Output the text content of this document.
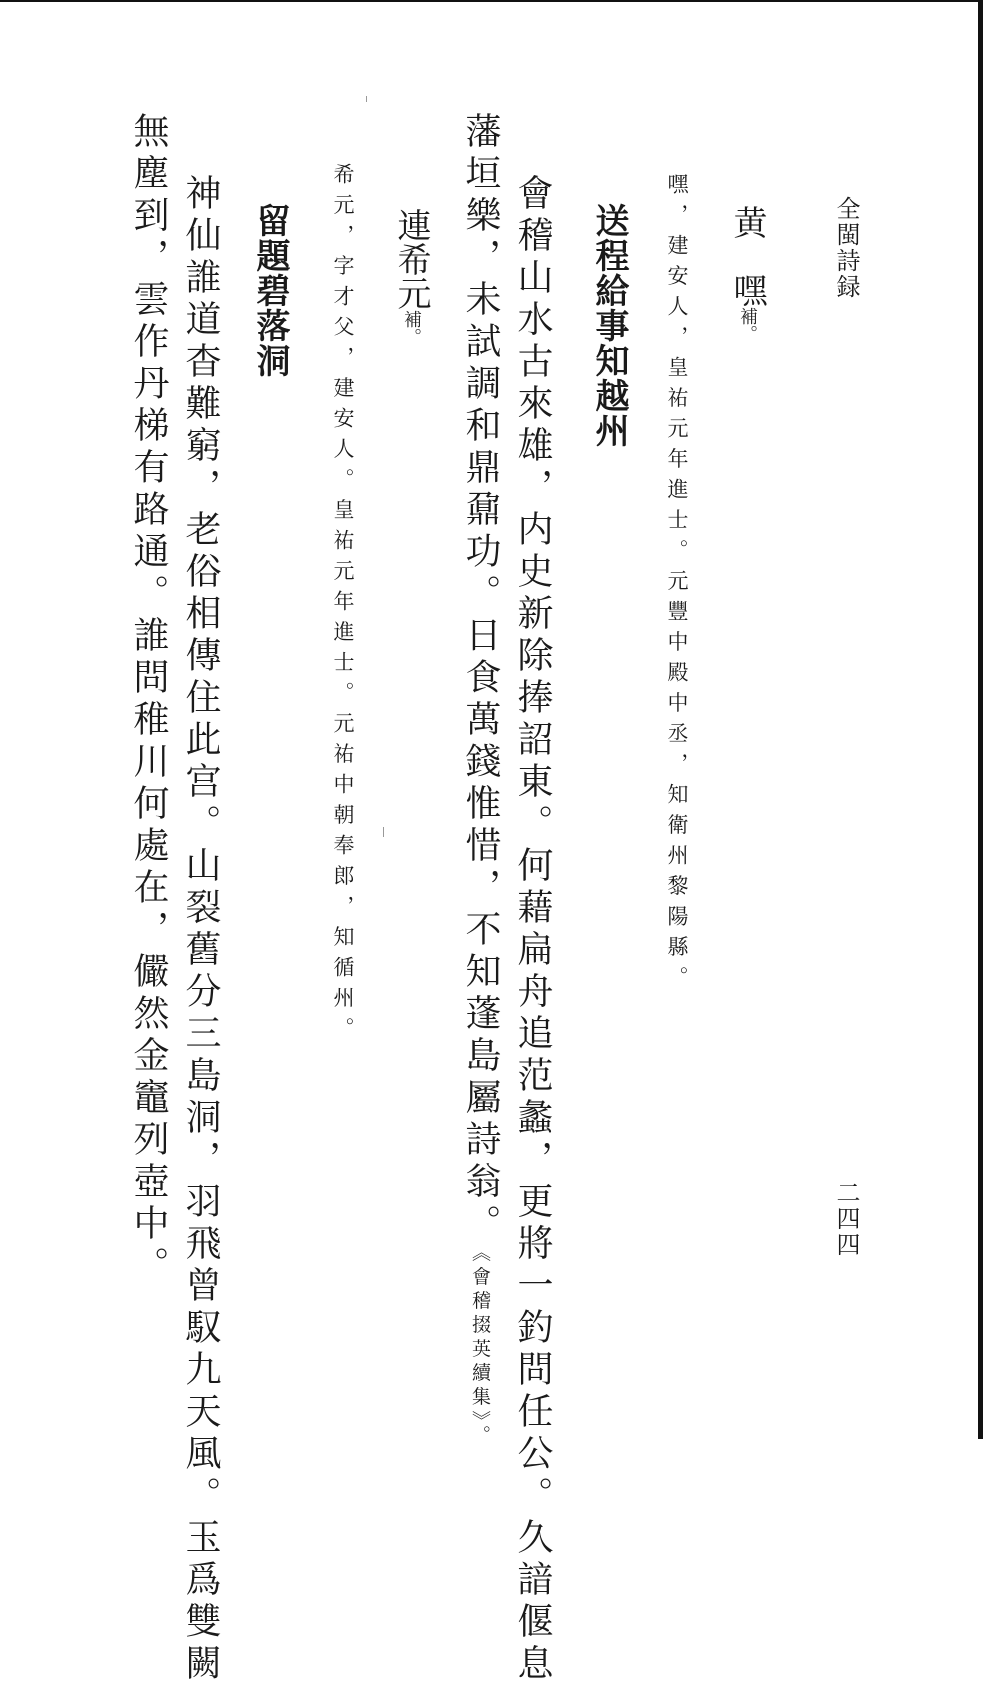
全閩詩録
二四四
黄　嘿補。
嘿，建安人，皇祐元年進士。元豐中殿中丞，知衛州黎陽縣。
送程給事知越州
會稽山水古來雄，内史新除捧詔東。何藉扁舟追范蠡，更將一釣問任公。久諳偃息
藩垣樂，未試調和鼎鼐功。日食萬錢惟惜，不知蓬島屬詩翁。《會稽掇英續集》。
連希元補。
希元，字才父，建安人。皇祐元年進士。元祐中朝奉郎，知循州。
留題碧落洞
神仙誰道杳難窮，老俗相傳住此宫。山裂舊分三島洞，羽飛曾馭九天風。玉爲雙闕
無塵到，雲作丹梯有路通。誰問稚川何處在，儼然金竈列壺中。
